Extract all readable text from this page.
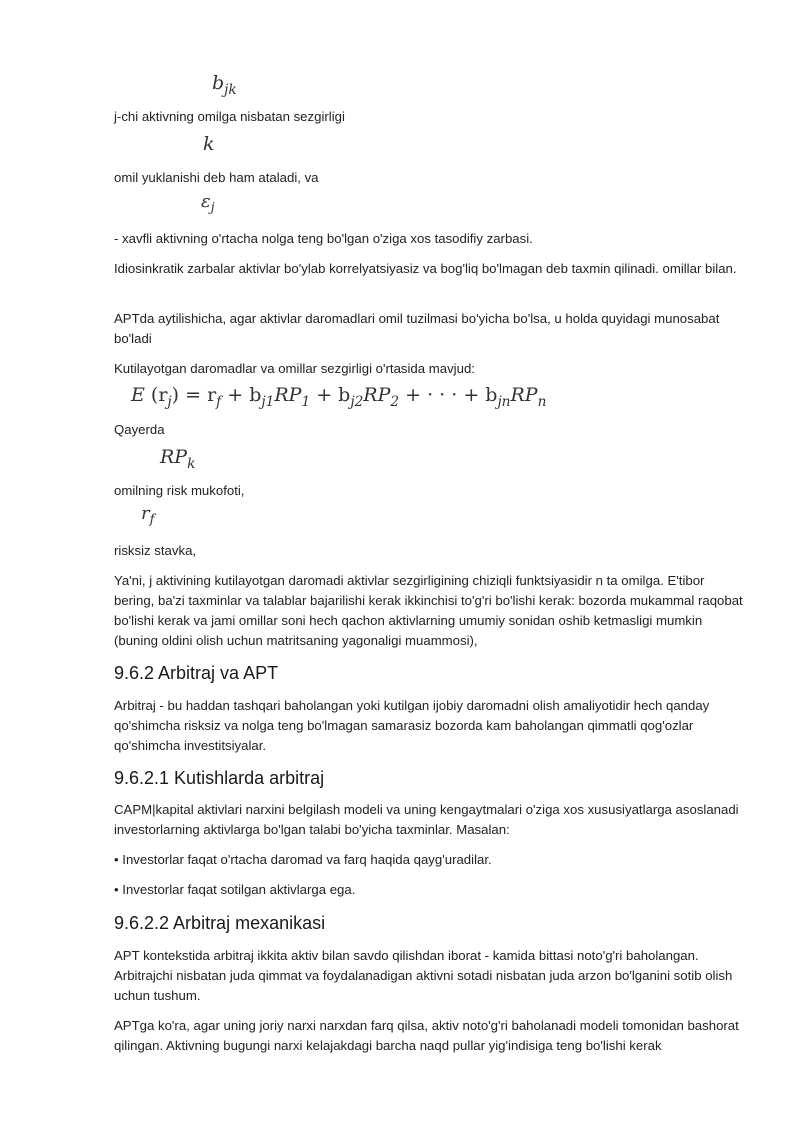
$b_{jk}$
j-chi aktivning omilga nisbatan sezgirligi
k
omil yuklanishi deb ham ataladi, va
$\varepsilon_j$
- xavfli aktivning o'rtacha nolga teng bo'lgan o'ziga xos tasodifiy zarbasi.
Idiosinkratik zarbalar aktivlar bo'ylab korrelyatsiyasiz va bog'liq bo'lmagan deb taxmin qilinadi. omillar bilan.
APTda aytilishicha, agar aktivlar daromadlari omil tuzilmasi bo'yicha bo'lsa, u holda quyidagi munosabat bo'ladi
Kutilayotgan daromadlar va omillar sezgirligi o'rtasida mavjud:
E $(r_j) = r_f + b_{j1}RP_1 + b_{j2}RP_2$ + · · · + $b_{jn}RP_n$
Qayerda
$RP_k$
omilning risk mukofoti,
$r_f$
risksiz stavka,
Ya'ni, j aktivining kutilayotgan daromadi aktivlar sezgirligining chiziqli funktsiyasidir n ta omilga. E'tibor bering, ba'zi taxminlar va talablar bajarilishi kerak ikkinchisi to'g'ri bo'lishi kerak: bozorda mukammal raqobat bo'lishi kerak va jami omillar soni hech qachon aktivlarning umumiy sonidan oshib ketmasligi mumkin (buning oldini olish uchun matritsaning yagonaligi muammosi),
9.6.2 Arbitraj va APT
Arbitraj - bu haddan tashqari baholangan yoki kutilgan ijobiy daromadni olish amaliyotidir hech qanday qo'shimcha risksiz va nolga teng bo'lmagan samarasiz bozorda kam baholangan qimmatli qog'ozlar qo'shimcha investitsiyalar.
9.6.2.1 Kutishlarda arbitraj
CAPM|kapital aktivlari narxini belgilash modeli va uning kengaytmalari o'ziga xos xususiyatlarga asoslanadi investorlarning aktivlarga bo'lgan talabi bo'yicha taxminlar. Masalan:
• Investorlar faqat o'rtacha daromad va farq haqida qayg'uradilar.
• Investorlar faqat sotilgan aktivlarga ega.
9.6.2.2 Arbitraj mexanikasi
APT kontekstida arbitraj ikkita aktiv bilan savdo qilishdan iborat - kamida bittasi noto'g'ri baholangan. Arbitrajchi nisbatan juda qimmat va foydalanadigan aktivni sotadi nisbatan juda arzon bo'lganini sotib olish uchun tushum.
APTga ko'ra, agar uning joriy narxi narxdan farq qilsa, aktiv noto'g'ri baholanadi modeli tomonidan bashorat qilingan. Aktivning bugungi narxi kelajakdagi barcha naqd pullar yig'indisiga teng bo'lishi kerak
